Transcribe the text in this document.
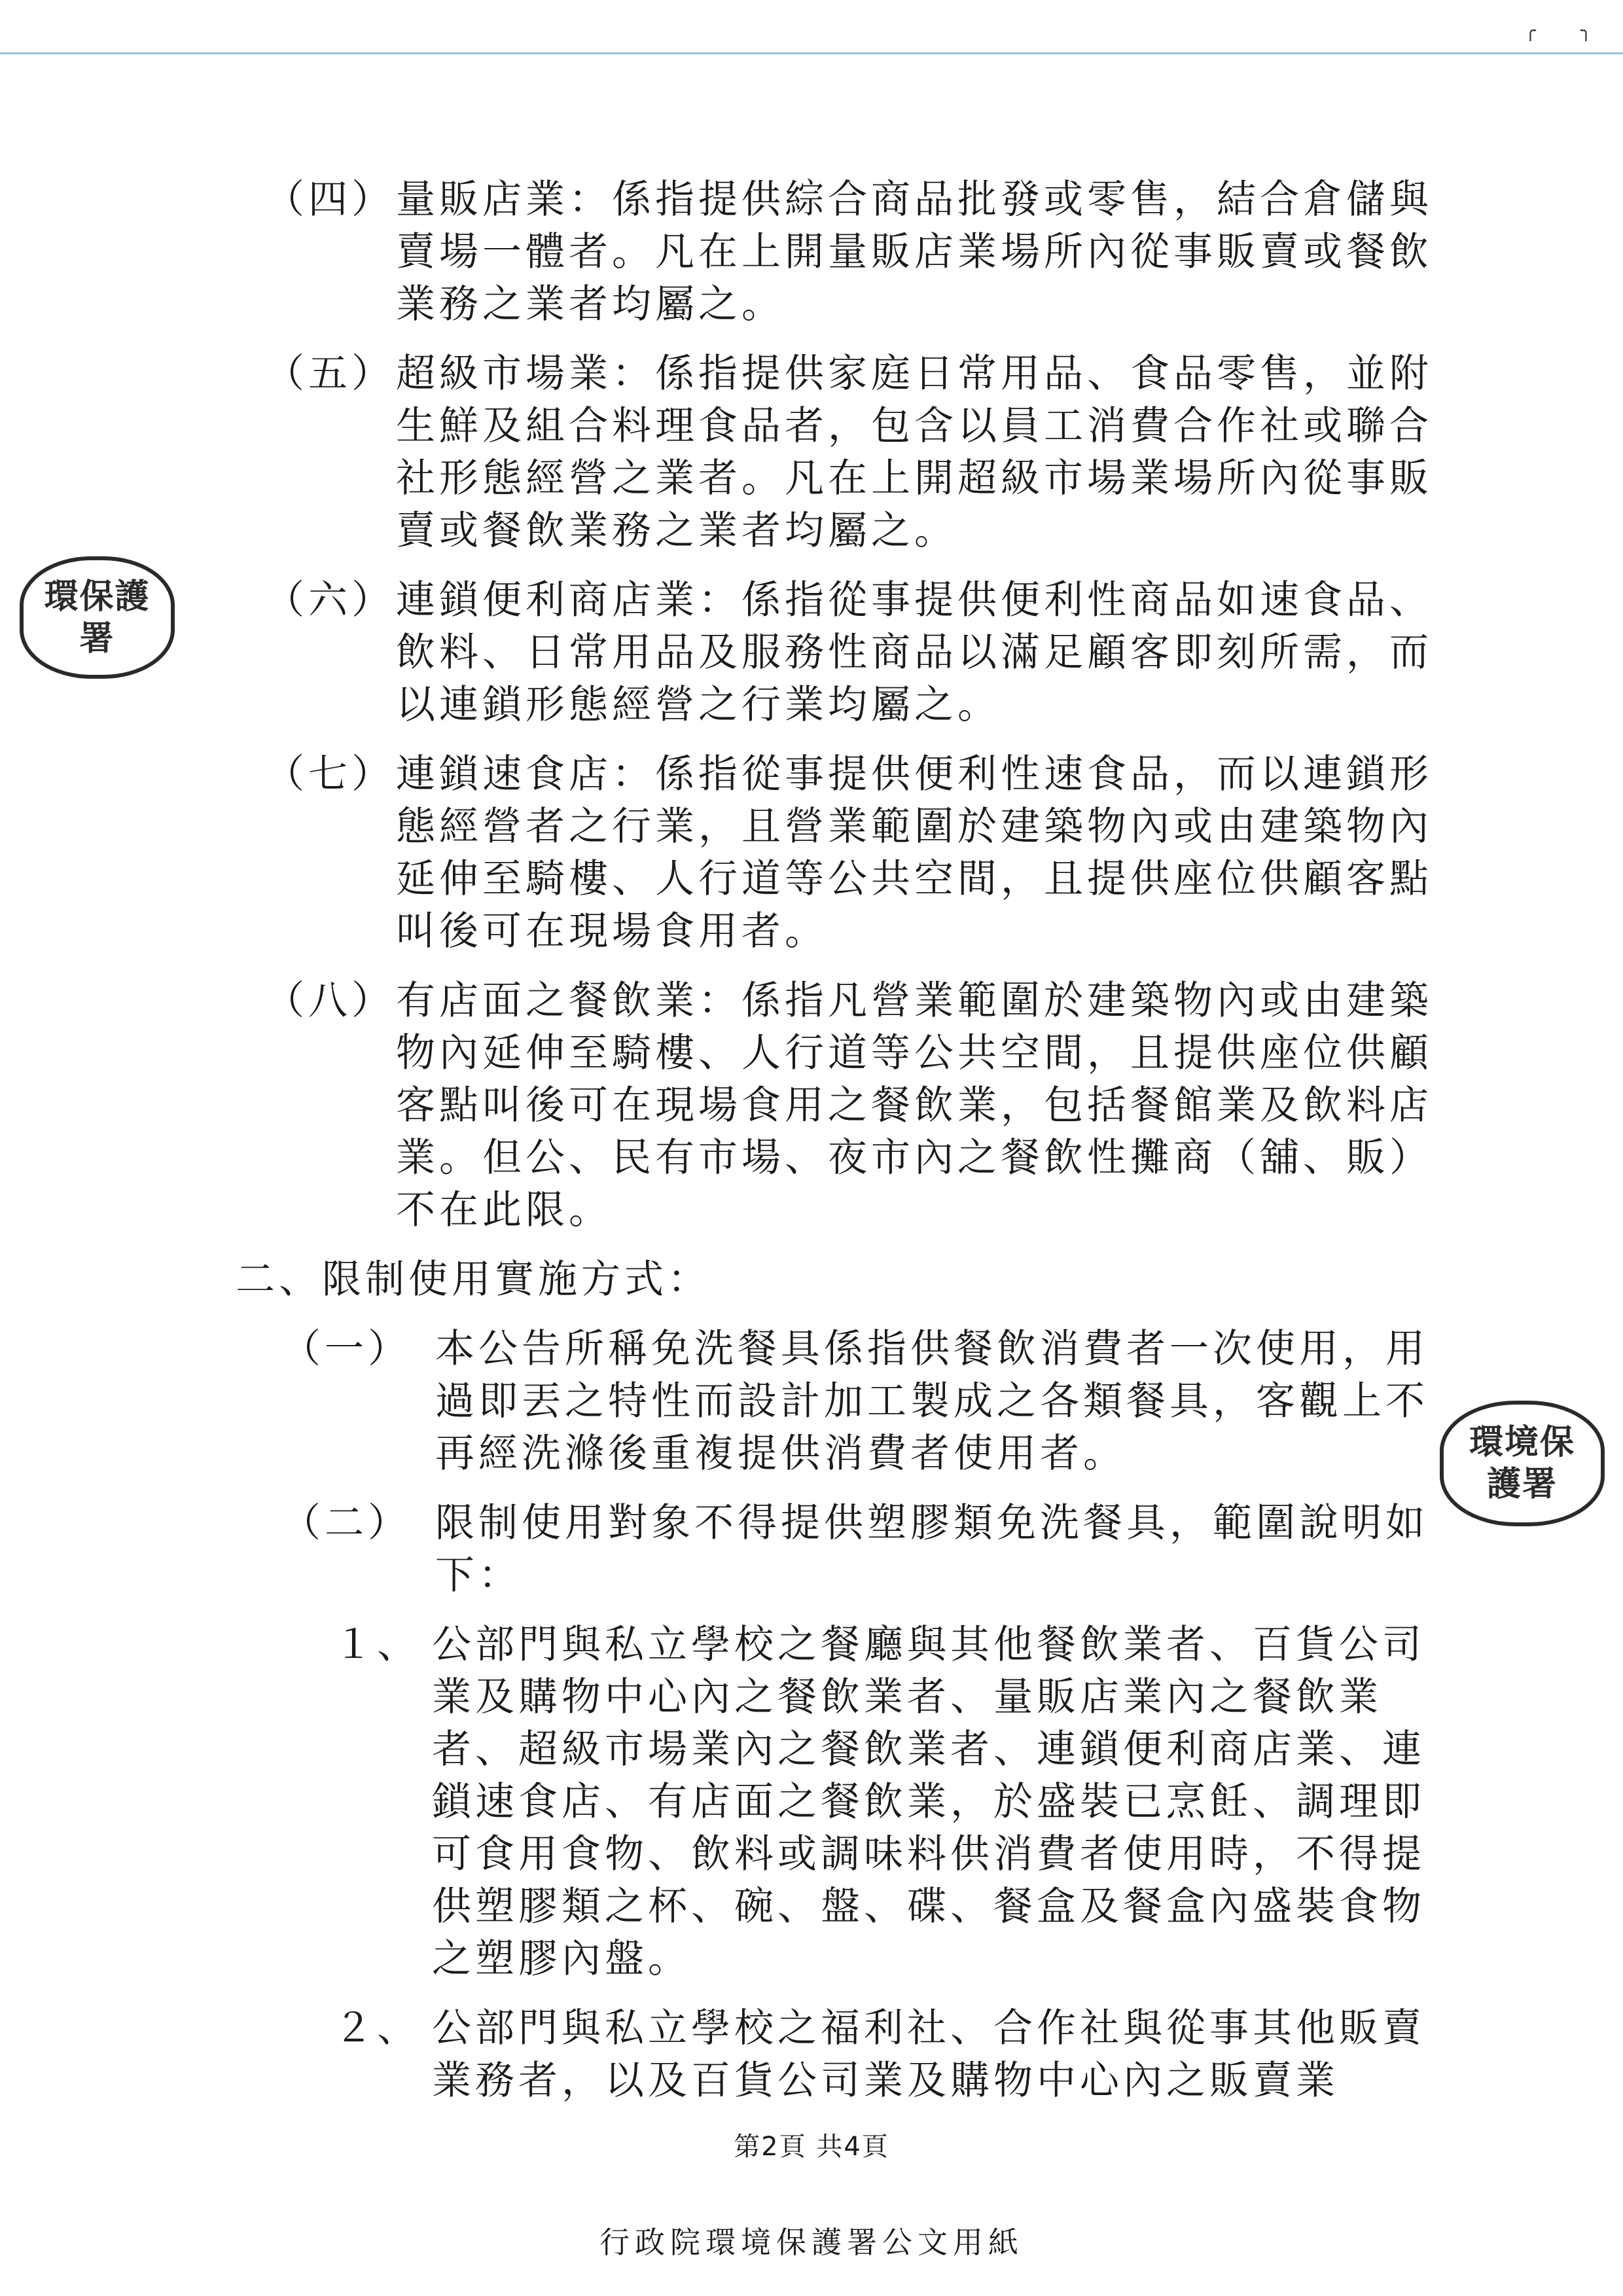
╭ ╮
環保護署
環境保護署
（四） 量販店業：係指提供綜合商品批發或零售，結合倉儲與賣場一體者。凡在上開量販店業場所內從事販賣或餐飲業務之業者均屬之。
（五） 超級市場業：係指提供家庭日常用品、食品零售，並附生鮮及組合料理食品者，包含以員工消費合作社或聯合社形態經營之業者。凡在上開超級市場業場所內從事販賣或餐飲業務之業者均屬之。
（六） 連鎖便利商店業：係指從事提供便利性商品如速食品、飲料、日常用品及服務性商品以滿足顧客即刻所需，而以連鎖形態經營之行業均屬之。
（七） 連鎖速食店：係指從事提供便利性速食品，而以連鎖形態經營者之行業，且營業範圍於建築物內或由建築物內延伸至騎樓、人行道等公共空間，且提供座位供顧客點叫後可在現場食用者。
（八） 有店面之餐飲業：係指凡營業範圍於建築物內或由建築物內延伸至騎樓、人行道等公共空間，且提供座位供顧客點叫後可在現場食用之餐飲業，包括餐館業及飲料店業。但公、民有市場、夜市內之餐飲性攤商（舖、販）不在此限。
二、限制使用實施方式：
（一） 本公告所稱免洗餐具係指供餐飲消費者一次使用，用過即丟之特性而設計加工製成之各類餐具，客觀上不再經洗滌後重複提供消費者使用者。
（二） 限制使用對象不得提供塑膠類免洗餐具，範圍說明如下：
１、 公部門與私立學校之餐廳與其他餐飲業者、百貨公司業及購物中心內之餐飲業者、量販店業內之餐飲業者、超級市場業內之餐飲業者、連鎖便利商店業、連鎖速食店、有店面之餐飲業，於盛裝已烹飪、調理即可食用食物、飲料或調味料供消費者使用時，不得提供塑膠類之杯、碗、盤、碟、餐盒及餐盒內盛裝食物之塑膠內盤。
２、 公部門與私立學校之福利社、合作社與從事其他販賣業務者，以及百貨公司業及購物中心內之販賣業
第2頁 共4頁
行政院環境保護署公文用紙
